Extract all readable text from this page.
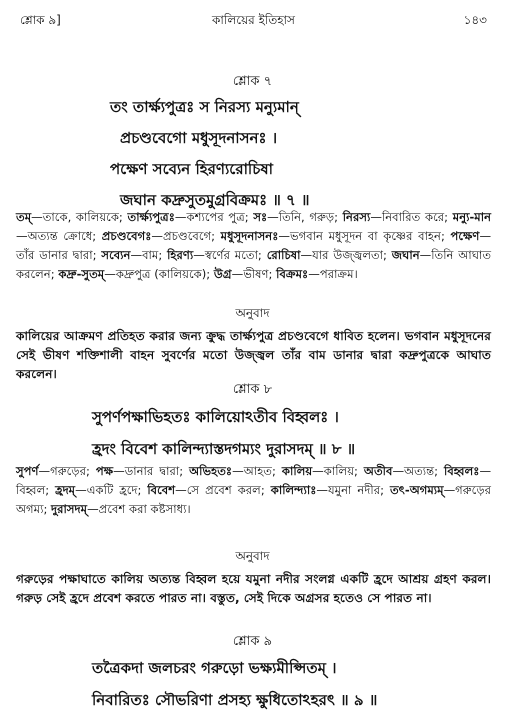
শ্লোক ৯]	কালিয়ের ইতিহাস	১৪৩

শ্লোক ৭

তং তার্ক্ষ্যপুত্রঃ স নিরস্য মন্যুমান্

প্রচণ্ডবেগো মধুসূদনাসনঃ ।

পক্ষেণ সব্যেন হিরণ্যরোচিষা

জঘান কদ্রুসুতমুগ্রবিক্রমঃ ॥ ৭ ॥

তম্—তাকে, কালিয়কে; তার্ক্ষ্যপুত্রঃ—কশ্যপের পুত্র; সঃ—তিনি, গরুড়; নিরস্য—নিবারিত করে; মন্যু-মান—অত্যন্ত ক্রোধে; প্রচণ্ডবেগঃ—প্রচণ্ডবেগে; মধুসূদনাসনঃ—ভগবান মধুসূদন বা কৃষ্ণের বাহন; পক্ষেণ—তাঁর ডানার দ্বারা; সব্যেন—বাম; হিরণ্য—স্বর্ণের মতো; রোচিষা—যার উজ্জ্বলতা; জঘান—তিনি আঘাত করলেন; কদ্রু-সুতম্—কদ্রুপুত্র (কালিয়কে); উগ্র—ভীষণ; বিক্রমঃ—পরাক্রম।

অনুবাদ

কালিয়ের আক্রমণ প্রতিহত করার জন্য ক্রুদ্ধ তার্ক্ষ্যপুত্র প্রচণ্ডবেগে ধাবিত হলেন। ভগবান মধুসূদনের সেই ভীষণ শক্তিশালী বাহন সুবর্ণের মতো উজ্জ্বল তাঁর বাম ডানার দ্বারা কদ্রুপুত্রকে আঘাত করলেন।

শ্লোক ৮

সুপর্ণপক্ষাভিহতঃ কালিয়োঽতীব বিহ্বলঃ ।

হ্রদং বিবেশ কালিন্দ্যাস্তদগম্যং দুরাসদম্ ॥ ৮ ॥

সুপর্ণ—গরুড়ের; পক্ষ—ডানার দ্বারা; অভিহতঃ—আহত; কালিয়—কালিয়; অতীব—অত্যন্ত; বিহ্বলঃ—বিহ্বল; হ্রদম্—একটি হ্রদে; বিবেশ—সে প্রবেশ করল; কালিন্দ্যাঃ—যমুনা নদীর; তৎ-অগম্যম্—গরুড়ের অগম্য; দুরাসদম্—প্রবেশ করা কষ্টসাধ্য।

অনুবাদ

গরুড়ের পক্ষাঘাতে কালিয় অত্যন্ত বিহ্বল হয়ে যমুনা নদীর সংলগ্ন একটি হ্রদে আশ্রয় গ্রহণ করল। গরুড় সেই হ্রদে প্রবেশ করতে পারত না। বস্তুত, সেই দিকে অগ্রসর হতেও সে পারত না।

শ্লোক ৯

তত্রৈকদা জলচরং গরুড়ো ভক্ষ্যমীপ্সিতম্ ।

নিবারিতঃ সৌভরিণা প্রসহ্য ক্ষুধিতোঽহরৎ ॥ ৯ ॥
